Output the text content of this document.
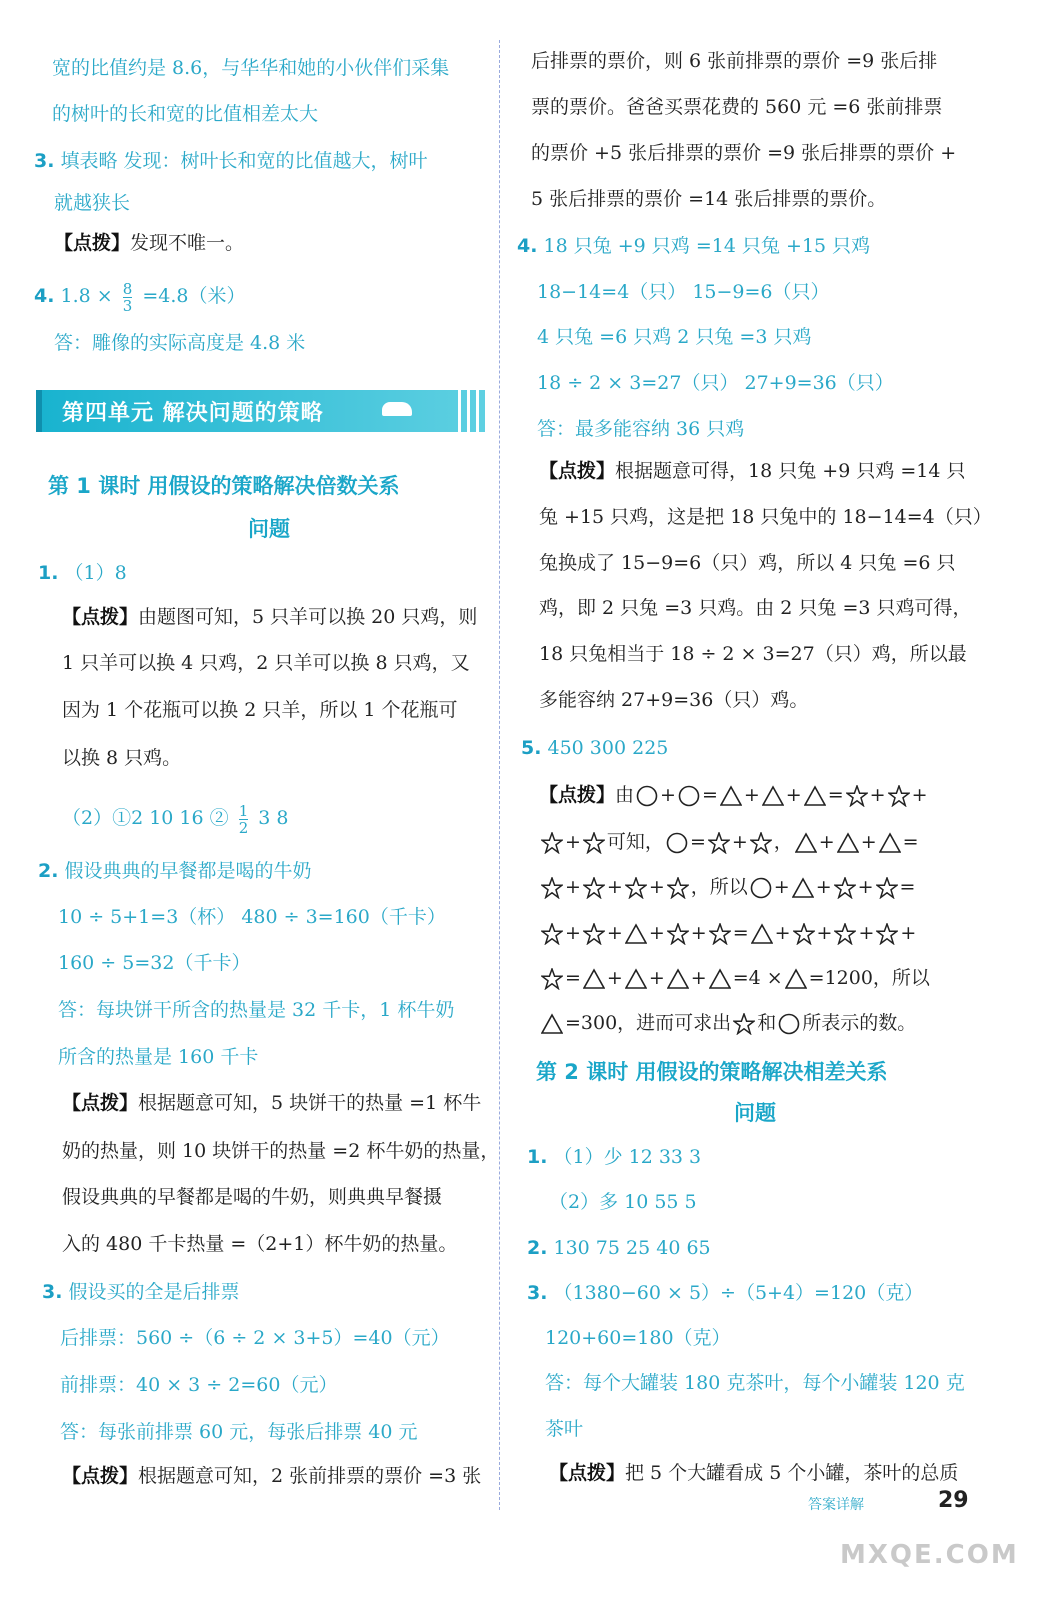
宽的比值约是 8.6，与华华和她的小伙伴们采集
的树叶的长和宽的比值相差太大
3. 填表略 发现：树叶长和宽的比值越大，树叶
就越狭长
【点拨】发现不唯一。
4. $1.8 \times \frac{8}{3} =4.8$（米）
答：雕像的实际高度是 4.8 米
第四单元 解决问题的策略
第 1 课时 用假设的策略解决倍数关系
问题
1. （1）8
【点拨】由题图可知，5 只羊可以换 20 只鸡，则
1 只羊可以换 4 只鸡，2 只羊可以换 8 只鸡，又
因为 1 个花瓶可以换 2 只羊，所以 1 个花瓶可
以换 8 只鸡。
（2）①2 10 16 ② $\frac{1}{2} 3$ 8
2. 假设典典的早餐都是喝的牛奶
10 ÷ 5+1=3（杯） 480 ÷ 3=160（千卡）
160 ÷ 5=32（千卡）
答：每块饼干所含的热量是 32 千卡，1 杯牛奶
所含的热量是 160 千卡
【点拨】根据题意可知，5 块饼干的热量 =1 杯牛
奶的热量，则 10 块饼干的热量 =2 杯牛奶的热量，
假设典典的早餐都是喝的牛奶，则典典早餐摄
入的 480 千卡热量 =（2+1）杯牛奶的热量。
3. 假设买的全是后排票
后排票：560 ÷（6 ÷ 2 × 3+5）=40（元）
前排票：40 × 3 ÷ 2=60（元）
答：每张前排票 60 元，每张后排票 40 元
【点拨】根据题意可知，2 张前排票的票价 =3 张
后排票的票价，则 6 张前排票的票价 =9 张后排
票的票价。爸爸买票花费的 560 元 =6 张前排票
的票价 +5 张后排票的票价 =9 张后排票的票价 +
5 张后排票的票价 =14 张后排票的票价。
4. 18 只兔 +9 只鸡 =14 只兔 +15 只鸡
18−14=4（只） 15−9=6（只）
4 只兔 =6 只鸡 2 只兔 =3 只鸡
18 ÷ 2 × 3=27（只） 27+9=36（只）
答：最多能容纳 36 只鸡
【点拨】根据题意可得，18 只兔 +9 只鸡 =14 只
兔 +15 只鸡，这是把 18 只兔中的 18−14=4（只）
兔换成了 15−9=6（只）鸡，所以 4 只兔 =6 只
鸡，即 2 只兔 =3 只鸡。由 2 只兔 =3 只鸡可得，
18 只兔相当于 18 ÷ 2 × 3=27（只）鸡，所以最
多能容纳 27+9=36（只）鸡。
5. 450 300 225
【点拨】由 + = + + = + +
+ 可知， = + ， + + =
+ + + ，所以 + + + =
+ + + + = + + + +
= + + + =4 × =1200，所以
=300，进而可求出 和 所表示的数。
第 2 课时 用假设的策略解决相差关系
问题
1. （1）少 12 33 3
（2）多 10 55 5
2. 130 75 25 40 65
3. （1380−60 × 5）÷（5+4）=120（克）
120+60=180（克）
答：每个大罐装 180 克茶叶，每个小罐装 120 克
茶叶
【点拨】把 5 个大罐看成 5 个小罐，茶叶的总质
答案详解	29
MXQE.COM
